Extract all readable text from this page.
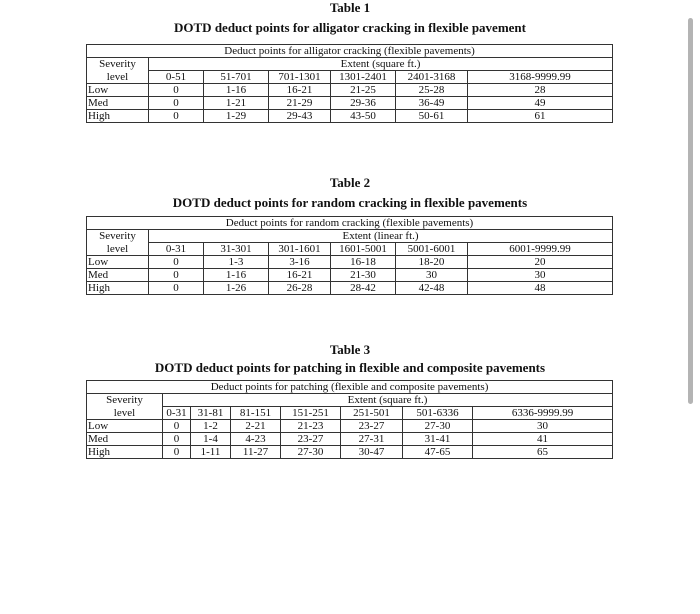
Table 1
DOTD deduct points for alligator cracking in flexible pavement
Deduct points for alligator cracking (flexible pavements)						
Severity	Extent (square ft.)					
level	0-51	51-701	701-1301	1301-2401	2401-3168	3168-9999.99
Low	0	1-16	16-21	21-25	25-28	28
Med	0	1-21	21-29	29-36	36-49	49
High	0	1-29	29-43	43-50	50-61	61
Table 2
DOTD deduct points for random cracking in flexible pavements
Deduct points for random cracking (flexible pavements)						
Severity	Extent (linear ft.)					
level	0-31	31-301	301-1601	1601-5001	5001-6001	6001-9999.99
Low	0	1-3	3-16	16-18	18-20	20
Med	0	1-16	16-21	21-30	30	30
High	0	1-26	26-28	28-42	42-48	48
Table 3
DOTD deduct points for patching in flexible and composite pavements
Deduct points for patching (flexible and composite pavements)							
Severity	Extent (square ft.)						
level	0-31	31-81	81-151	151-251	251-501	501-6336	6336-9999.99
Low	0	1-2	2-21	21-23	23-27	27-30	30
Med	0	1-4	4-23	23-27	27-31	31-41	41
High	0	1-11	11-27	27-30	30-47	47-65	65
